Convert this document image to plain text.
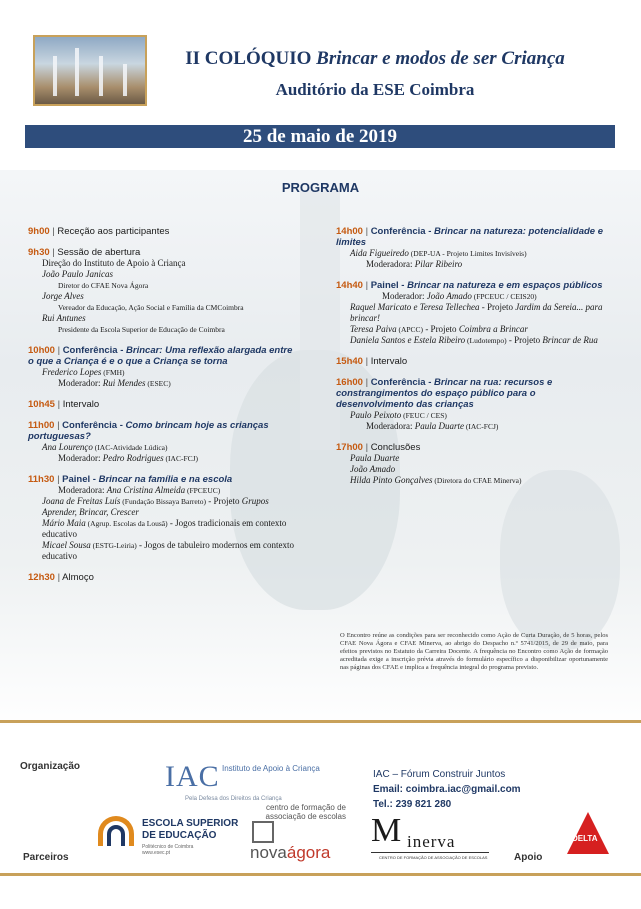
II COLÓQUIO Brincar e modos de ser Criança
Auditório da ESE Coimbra
25 de maio de 2019
PROGRAMA
9h00 | Receção aos participantes
9h30 | Sessão de abertura
Direção do Instituto de Apoio à Criança
João Paulo Janicas
Diretor do CFAE Nova Ágora
Jorge Alves
Vereador da Educação, Ação Social e Família da CMCoimbra
Rui Antunes
Presidente da Escola Superior de Educação de Coimbra
10h00 | Conferência - Brincar: Uma reflexão alargada entre o que a Criança é e o que a Criança se torna
Frederico Lopes (FMH)
Moderador: Rui Mendes (ESEC)
10h45 | Intervalo
11h00 | Conferência - Como brincam hoje as crianças portuguesas?
Ana Lourenço (IAC-Atividade Lúdica)
Moderador: Pedro Rodrigues (IAC-FCJ)
11h30 | Painel - Brincar na família e na escola
Moderadora: Ana Cristina Almeida (FPCEUC)
Joana de Freitas Luís (Fundação Bissaya Barreto) - Projeto Grupos Aprender, Brincar, Crescer
Mário Maia (Agrup. Escolas da Lousã) - Jogos tradicionais em contexto educativo
Micael Sousa (ESTG-Leiria) - Jogos de tabuleiro modernos em contexto educativo
12h30 | Almoço
14h00 | Conferência - Brincar na natureza: potencialidade e limites
Aida Figueiredo (DEP-UA - Projeto Limites Invisíveis)
Moderadora: Pilar Ribeiro
14h40 | Painel - Brincar na natureza e em espaços públicos
Moderador: João Amado (FPCEUC / CEIS20)
Raquel Maricato e Teresa Tellechea - Projeto Jardim da Sereia... para brincar!
Teresa Paiva (APCC) - Projeto Coimbra a Brincar
Daniela Santos e Estela Ribeiro (Ludotempo) - Projeto Brincar de Rua
15h40 | Intervalo
16h00 | Conferência - Brincar na rua: recursos e constrangimentos do espaço público para o desenvolvimento das crianças
Paulo Peixoto (FEUC / CES)
Moderadora: Paula Duarte (IAC-FCJ)
17h00 | Conclusões
Paula Duarte
João Amado
Hilda Pinto Gonçalves (Diretora do CFAE Minerva)
O Encontro reúne as condições para ser reconhecido como Ação de Curta Duração, de 5 horas, pelos CFAE Nova Ágora e CFAE Minerva, ao abrigo do Despacho n.º 5741/2015, de 29 de maio, para efeitos previstos no Estatuto da Carreira Docente. A frequência no Encontro como Ação de formação acreditada exige a inscrição prévia através do formulário específico a disponibilizar oportunamente nas páginas dos CFAE e implica a frequência integral do programa previsto.
Organização	IAC Instituto de Apoio à Criança
Pela Defesa dos Direitos da Criança
IAC – Fórum Construir Juntos
Email: coimbra.iac@gmail.com
Tel.: 239 821 280
Parceiros
ESCOLA SUPERIOR
DE EDUCAÇÃO
Politécnico de Coimbra
www.esec.pt
centro de formação de associação de escolas
novaágora
M inerva
CENTRO DE FORMAÇÃO DE ASSOCIAÇÃO DE ESCOLAS	Apoio
DELTA
